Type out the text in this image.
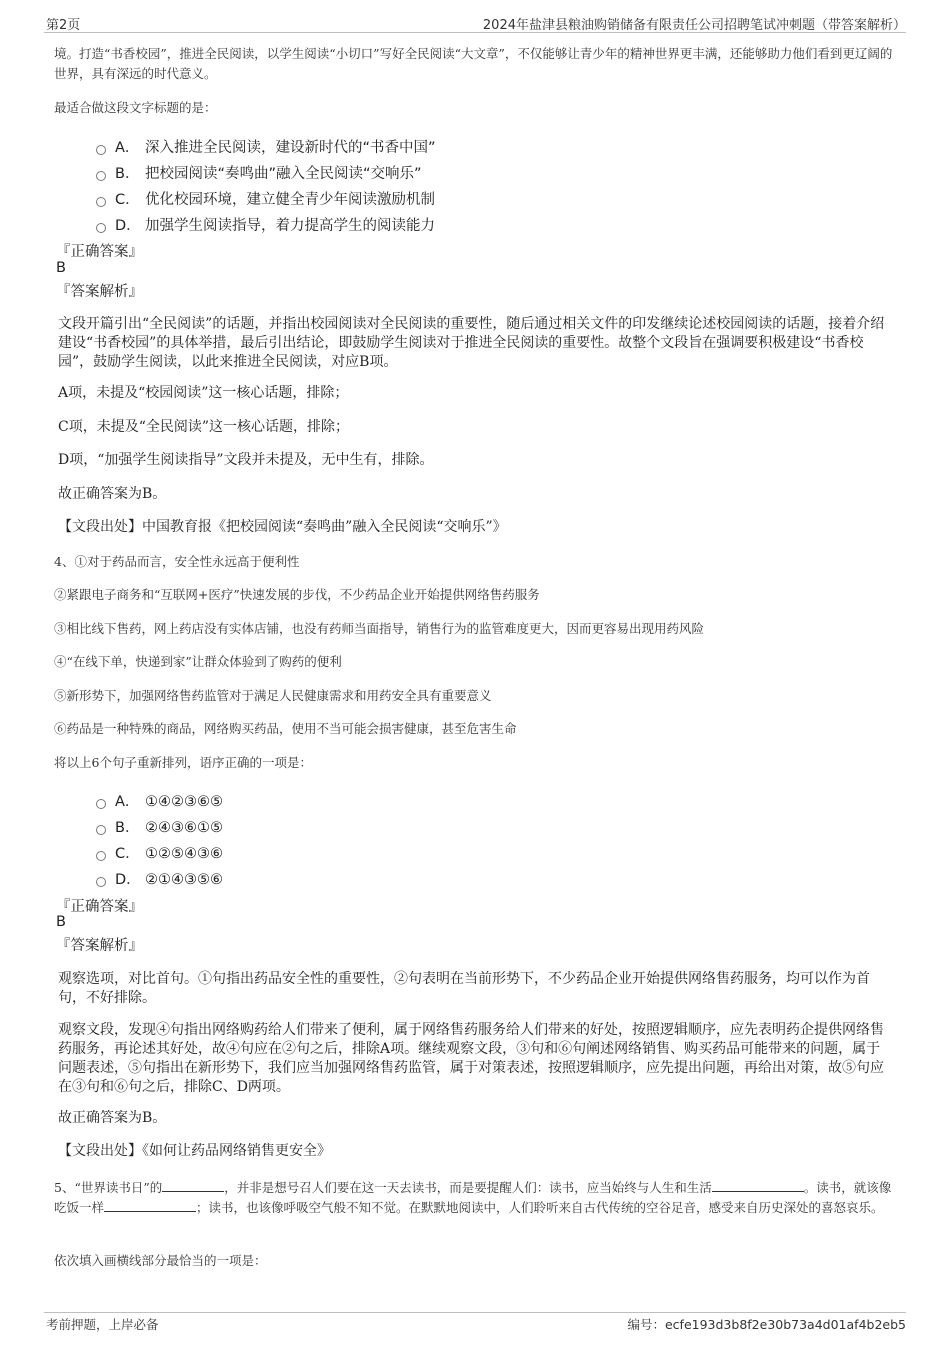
第2页	2024年盐津县粮油购销储备有限责任公司招聘笔试冲刺题（带答案解析）
境。打造“书香校园”，推进全民阅读，以学生阅读“小切口”写好全民阅读“大文章”，不仅能够让青少年的精神世界更丰满，还能够助力他们看到更辽阔的世界，具有深远的时代意义。
最适合做这段文字标题的是：
A． 深入推进全民阅读，建设新时代的“书香中国”
B． 把校园阅读“奏鸣曲”融入全民阅读“交响乐”
C． 优化校园环境，建立健全青少年阅读激励机制
D． 加强学生阅读指导，着力提高学生的阅读能力
『正确答案』
B
『答案解析』
文段开篇引出“全民阅读”的话题，并指出校园阅读对全民阅读的重要性，随后通过相关文件的印发继续论述校园阅读的话题，接着介绍建设“书香校园”的具体举措，最后引出结论，即鼓励学生阅读对于推进全民阅读的重要性。故整个文段旨在强调要积极建设“书香校园”，鼓励学生阅读，以此来推进全民阅读，对应B项。
A项，未提及“校园阅读”这一核心话题，排除；
C项，未提及“全民阅读”这一核心话题，排除；
D项，“加强学生阅读指导”文段并未提及，无中生有，排除。
故正确答案为B。
【文段出处】中国教育报《把校园阅读“奏鸣曲”融入全民阅读“交响乐”》
4、①对于药品而言，安全性永远高于便利性
②紧跟电子商务和“互联网+医疗”快速发展的步伐，不少药品企业开始提供网络售药服务
③相比线下售药，网上药店没有实体店铺，也没有药师当面指导，销售行为的监管难度更大，因而更容易出现用药风险
④“在线下单，快递到家”让群众体验到了购药的便利
⑤新形势下，加强网络售药监管对于满足人民健康需求和用药安全具有重要意义
⑥药品是一种特殊的商品，网络购买药品，使用不当可能会损害健康，甚至危害生命
将以上6个句子重新排列，语序正确的一项是：
A． ①④②③⑥⑤
B． ②④③⑥①⑤
C． ①②⑤④③⑥
D． ②①④③⑤⑥
『正确答案』
B
『答案解析』
观察选项，对比首句。①句指出药品安全性的重要性，②句表明在当前形势下，不少药品企业开始提供网络售药服务，均可以作为首句，不好排除。
观察文段，发现④句指出网络购药给人们带来了便利，属于网络售药服务给人们带来的好处，按照逻辑顺序，应先表明药企提供网络售药服务，再论述其好处，故④句应在②句之后，排除A项。继续观察文段，③句和⑥句阐述网络销售、购买药品可能带来的问题，属于问题表述，⑤句指出在新形势下，我们应当加强网络售药监管，属于对策表述，按照逻辑顺序，应先提出问题，再给出对策，故⑤句应在③句和⑥句之后，排除C、D两项。
故正确答案为B。
【文段出处】《如何让药品网络销售更安全》
5、“世界读书日”的	，并非是想号召人们要在这一天去读书，而是要提醒人们：读书，应当始终与人生和生活	。读书，就该像吃饭一样	；读书，也该像呼吸空气般不知不觉。在默默地阅读中，人们聆听来自古代传统的空谷足音，感受来自历史深处的喜怒哀乐。
依次填入画横线部分最恰当的一项是：
考前押题，上岸必备	编号：ecfe193d3b8f2e30b73a4d01af4b2eb5
